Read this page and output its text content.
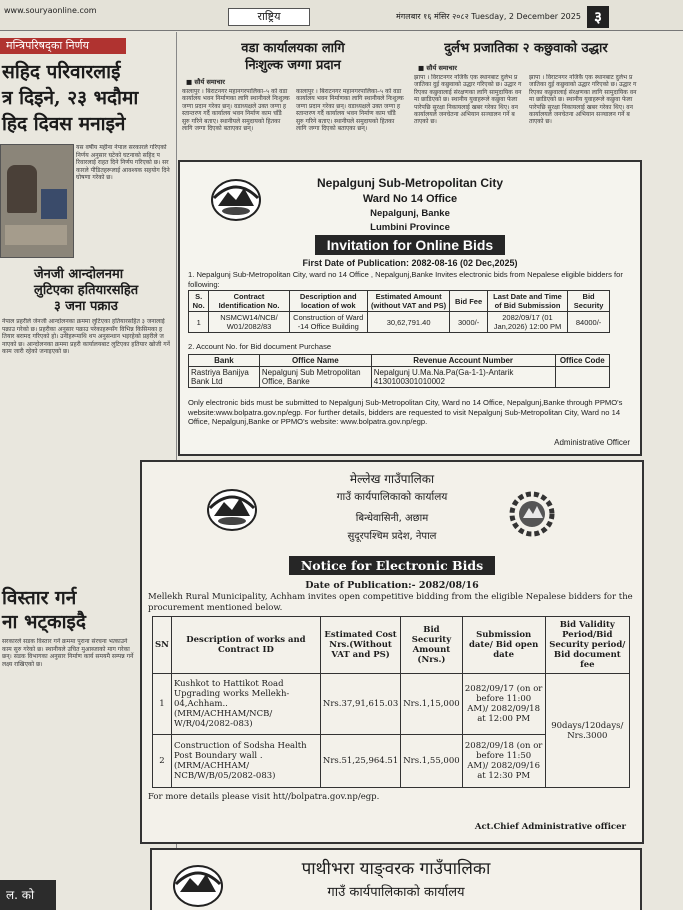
www.souryaonline.com	राष्ट्रिय	मंगलबार १६ मंसिर २०८२ Tuesday, 2 December 2025 ३
मन्त्रिपरिषद्‍का निर्णय
सहिद परिवारलाई
त्र दिइने, २३ भदौमा
हिद दिवस मनाइने
यस वर्षीय महीना नेपाल सरकारले गरिएको निर्णय अनुसार घटेको घटनाको सहिद परिवारलाई राहत दिने निर्णय गरिएको छ। सरकारले पीडितहरूलाई आवश्यक सहयोग दिने घोषणा गरेको छ।
जेनजी आन्दोलनमा
लुटिएका हतियारसहित
३ जना पक्राउ
नेपाल प्रहरीले जेनजी आन्दोलनका क्रममा लुटिएका हतियारसहित ३ जनालाई पक्राउ गरेको छ। प्रहरीका अनुसार पक्राउ परेकाहरूसँग विभिन्न किसिमका हतियार बरामद गरिएको हो। उनीहरूमाथि थप अनुसन्धान भइरहेको प्रहरीले जनाएको छ। आन्दोलनका क्रममा प्रहरी कार्यालयबाट लुटिएका हतियार खोजी गर्ने काम जारी रहेको जनाइएको छ।
विस्तार गर्न
ना भट्काइदै
सरकारले सडक विस्तार गर्ने क्रममा पुराना संरचना भत्काउने काम सुरु गरेको छ। स्थानीयले उचित मुआब्जाको माग गरेका छन्। सडक विभागका अनुसार निर्माण कार्य समयमै सम्पन्न गर्ने लक्ष्य राखिएको छ।
ल. को
वडा कार्यालयका लागि
निःशुल्क जग्गा प्रदान
■ सौर्य समाचार
कालापुर । बिराटनगर महानगरपालिका–५ को वडा कार्यालय भवन निर्माणका लागि स्थानीयले निःशुल्क जग्गा प्रदान गरेका छन्। वडाध्यक्षले उक्त जग्गा हस्तान्तरण गर्दै कार्यालय भवन निर्माण काम चाँडै सुरु गरिने बताए। स्थानीयले समुदायको हितका लागि जग्गा दिएको बताएका छन्।
कालापुर । बिराटनगर महानगरपालिका–५ को वडा कार्यालय भवन निर्माणका लागि स्थानीयले निःशुल्क जग्गा प्रदान गरेका छन्। वडाध्यक्षले उक्त जग्गा हस्तान्तरण गर्दै कार्यालय भवन निर्माण काम चाँडै सुरु गरिने बताए। स्थानीयले समुदायको हितका लागि जग्गा दिएको बताएका छन्।
दुर्लभ प्रजातिका २ कछुवाको उद्धार
■ सौर्य समाचार
झापा । विराटनगर नजिकै एक स्थानबाट दुर्लभ प्रजातिका दुई कछुवाको उद्धार गरिएको छ। उद्धार गरिएका कछुवालाई संरक्षणका लागि सामुदायिक वनमा छाडिएको छ। स्थानीय युवाहरूले कछुवा फेला पारेपछि सुरक्षा निकायलाई खबर गरेका थिए। वन कार्यालयले जनचेतना अभियान सञ्चालन गर्ने बताएको छ।
झापा । विराटनगर नजिकै एक स्थानबाट दुर्लभ प्रजातिका दुई कछुवाको उद्धार गरिएको छ। उद्धार गरिएका कछुवालाई संरक्षणका लागि सामुदायिक वनमा छाडिएको छ। स्थानीय युवाहरूले कछुवा फेला पारेपछि सुरक्षा निकायलाई खबर गरेका थिए। वन कार्यालयले जनचेतना अभियान सञ्चालन गर्ने बताएको छ।
Nepalgunj Sub-Metropolitan City
Ward No 14 Office
Nepalgunj, Banke
Lumbini Province
Invitation for Online Bids
First Date of Publication: 2082-08-16 (02 Dec,2025)
1. Nepalgunj Sub-Metropolitan City, ward no 14 Office , Nepalgunj,Banke Invites electronic bids from Nepalese eligible bidders for following:
S. No.	Contract Identification No.	Description and location of wok	Estimated Amount (without VAT and PS)	Bid Fee	Last Date and Time of Bid Submission	Bid Security
1	NSMCW14/NCB/ W01/2082/83	Construction of Ward -14 Office Building	30,62,791.40	3000/-	2082/09/17 (01 Jan,2026) 12:00 PM	84000/-
2. Account No. for Bid document Purchase
Bank	Office Name	Revenue Account Number	Office Code
Rastriya Banijya Bank Ltd	Nepalgunj Sub Metropolitan Office, Banke	Nepalgunj U.Ma.Na.Pa(Ga-1-1)-Antarik 4130100301010002	
Only electronic bids must be submitted to Nepalgunj Sub-Metropolitan City, Ward no 14 Office, Nepalgunj,Banke through PPMO's website:www.bolpatra.gov.np/egp. For further details, bidders are requested to visit Nepalgunj Sub-Metropolitan City, Ward no 14 Office, Nepalgunj,Banke or PPMO's website: www.bolpatra.gov.np/egp.
Administrative Officer
मेल्लेख गाउँपालिका
गाउँ कार्यपालिकाको कार्यालय
बिन्धेवासिनी, अछाम
सुदूरपश्चिम प्रदेश, नेपाल
Notice for Electronic Bids
Date of Publication:- 2082/08/16
Mellekh Rural Municipality, Achham invites open competitive bidding from the eligible Nepalese bidders for the procurement mentioned below.
SN	Description of works and Contract ID	Estimated Cost Nrs.(Without VAT and PS)	Bid Security Amount (Nrs.)	Submission date/ Bid open date	Bid Validity Period/Bid Security period/ Bid document fee
1	Kushkot to Hattikot Road Upgrading works Mellekh-04,Achham.. (MRM/ACHHAM/NCB/ W/R/04/2082-083)	Nrs.37,91,615.03	Nrs.1,15,000	2082/09/17 (on or before 11:00 AM)/ 2082/09/18 at 12:00 PM	90days/120days/ Nrs.3000
2	Construction of Sodsha Health Post Boundary wall . (MRM/ACHHAM/ NCB/W/B/05/2082-083)	Nrs.51,25,964.51	Nrs.1,55,000	2082/09/18 (on or before 11:50 AM)/ 2082/09/16 at 12:30 PM	
For more details please visit htt//bolpatra.gov.np/egp.
Act.Chief Administrative officer
पाथीभरा याङ्वरक गाउँपालिका
गाउँ कार्यपालिकाको कार्यालय
